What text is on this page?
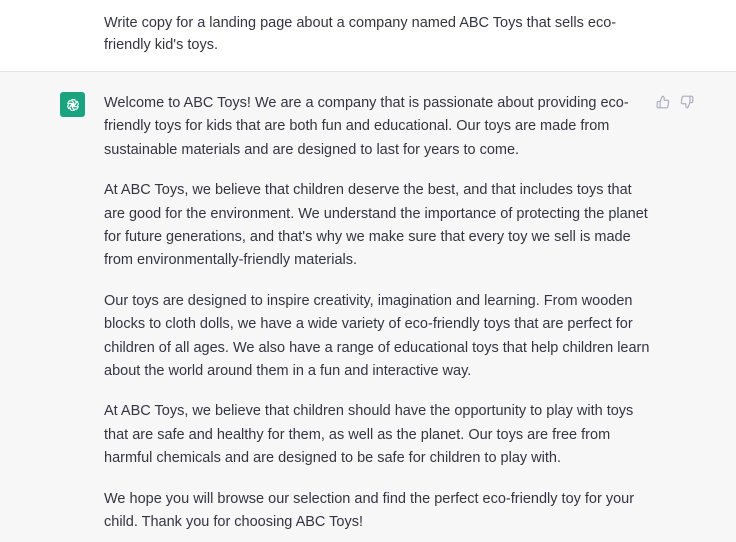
Write copy for a landing page about a company named ABC Toys that sells eco-friendly kid's toys.

Welcome to ABC Toys! We are a company that is passionate about providing eco-friendly toys for kids that are both fun and educational. Our toys are made from sustainable materials and are designed to last for years to come.

At ABC Toys, we believe that children deserve the best, and that includes toys that are good for the environment. We understand the importance of protecting the planet for future generations, and that's why we make sure that every toy we sell is made from environmentally-friendly materials.

Our toys are designed to inspire creativity, imagination and learning. From wooden blocks to cloth dolls, we have a wide variety of eco-friendly toys that are perfect for children of all ages. We also have a range of educational toys that help children learn about the world around them in a fun and interactive way.

At ABC Toys, we believe that children should have the opportunity to play with toys that are safe and healthy for them, as well as the planet. Our toys are free from harmful chemicals and are designed to be safe for children to play with.

We hope you will browse our selection and find the perfect eco-friendly toy for your child. Thank you for choosing ABC Toys!
